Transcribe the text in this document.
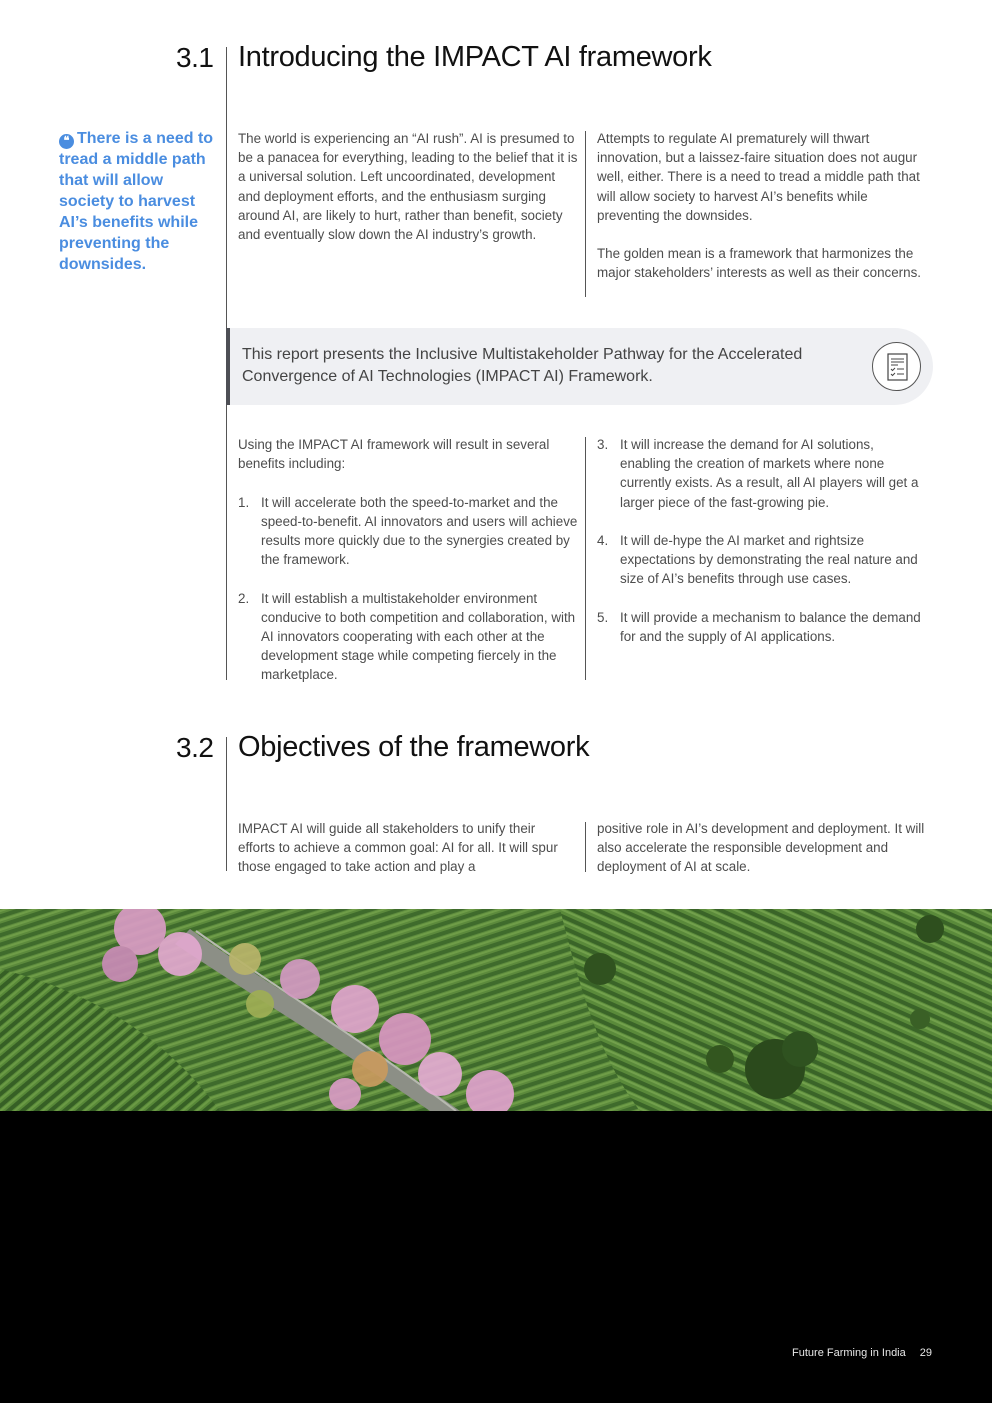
3.1 Introducing the IMPACT AI framework
❝ There is a need to tread a middle path that will allow society to harvest AI’s benefits while preventing the downsides.

The world is experiencing an “AI rush”. AI is presumed to be a panacea for everything, leading to the belief that it is a universal solution. Left uncoordinated, development and deployment efforts, and the enthusiasm surging around AI, are likely to hurt, rather than benefit, society and eventually slow down the AI industry’s growth.

Attempts to regulate AI prematurely will thwart innovation, but a laissez-faire situation does not augur well, either. There is a need to tread a middle path that will allow society to harvest AI’s benefits while preventing the downsides.

The golden mean is a framework that harmonizes the major stakeholders’ interests as well as their concerns.

This report presents the Inclusive Multistakeholder Pathway for the Accelerated Convergence of AI Technologies (IMPACT AI) Framework.

Using the IMPACT AI framework will result in several benefits including:

1. It will accelerate both the speed-to-market and the speed-to-benefit. AI innovators and users will achieve results more quickly due to the synergies created by the framework.
2. It will establish a multistakeholder environment conducive to both competition and collaboration, with AI innovators cooperating with each other at the development stage while competing fiercely in the marketplace.
3. It will increase the demand for AI solutions, enabling the creation of markets where none currently exists. As a result, all AI players will get a larger piece of the fast-growing pie.
4. It will de-hype the AI market and rightsize expectations by demonstrating the real nature and size of AI’s benefits through use cases.
5. It will provide a mechanism to balance the demand for and the supply of AI applications.
3.2 Objectives of the framework

IMPACT AI will guide all stakeholders to unify their efforts to achieve a common goal: AI for all. It will spur those engaged to take action and play a

positive role in AI’s development and deployment. It will also accelerate the responsible development and deployment of AI at scale.

Future Farming in India 29
